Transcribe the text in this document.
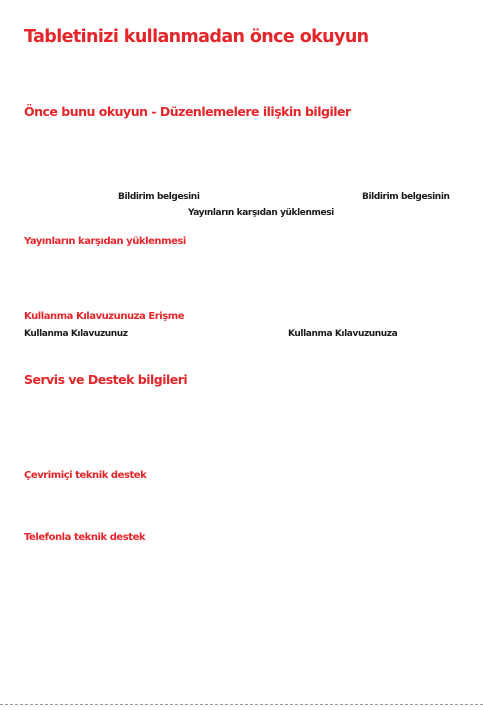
Tabletinizi kullanmadan önce okuyun
Önce bunu okuyun - Düzenlemelere ilişkin bilgiler
Bildirim belgesini	Bildirim belgesinin
Yayınların karşıdan yüklenmesi
Yayınların karşıdan yüklenmesi
Kullanma Kılavuzunuza Erişme
Kullanma Kılavuzunuz	Kullanma Kılavuzunuza
Servis ve Destek bilgileri
Çevrimiçi teknik destek
Telefonla teknik destek
